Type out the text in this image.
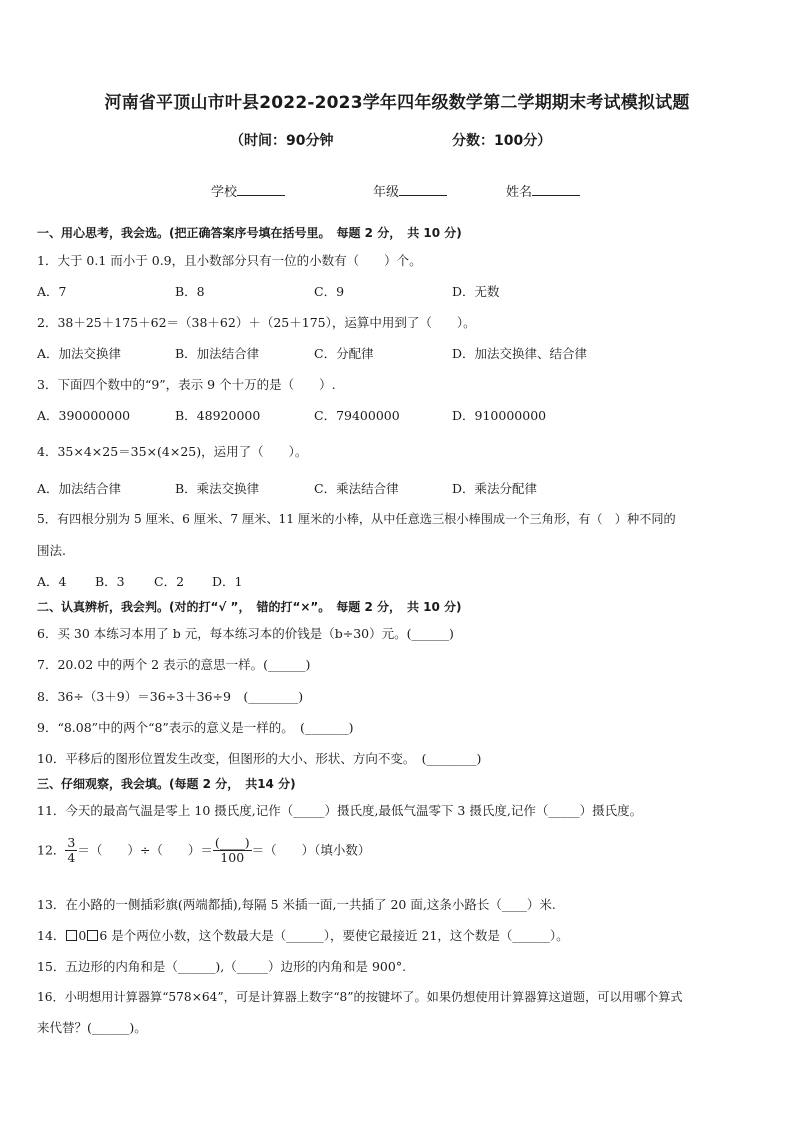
河南省平顶山市叶县2022-2023学年四年级数学第二学期期末考试模拟试题
（时间：90分钟	分数：100分）
学校	年级	姓名
一、用心思考，我会选。(把正确答案序号填在括号里。　每题 2 分，　共 10 分)
1．大于 0.1 而小于 0.9，且小数部分只有一位的小数有（　　）个。
A．7	B．8	C．9	D．无数
2．38＋25＋175＋62＝（38＋62）＋（25＋175），运算中用到了（　　）。
A．加法交换律	B．加法结合律	C．分配律	D．加法交换律、结合律
3．下面四个数中的“9”，表示 9 个十万的是（　　）.
A．390000000	B．48920000	C．79400000	D．910000000
4．35×4×25＝35×(4×25)，运用了（　　）。
A．加法结合律	B．乘法交换律	C．乘法结合律	D．乘法分配律
5．有四根分别为 5 厘米、6 厘米、7 厘米、11 厘米的小棒，从中任意选三根小棒围成一个三角形，有（　）种不同的
围法.
A．4 B．3 C．2 D．1
二、认真辨析，我会判。(对的打“√ ”，　错的打“×”。　每题 2 分，　共 10 分)
6．买 30 本练习本用了 b 元，每本练习本的价钱是（b÷30）元。(______)
7．20.02 中的两个 2 表示的意思一样。(______)
8．36÷（3＋9）＝36÷3＋36÷9　(________)
9．“8.08”中的两个“8”表示的意义是一样的。　(_______)
10．平移后的图形位置发生改变，但图形的大小、形状、方向不变。　(________)
三、仔细观察，我会填。(每题 2 分，　共14 分)
11．今天的最高气温是零上 10 摄氏度,记作（_____）摄氏度,最低气温零下 3 摄氏度,记作（_____）摄氏度。
12． $\frac{3}{4}$ ＝（　　）÷（　　）＝ $\frac{(\_\_\_\_)}{100}$ ＝（　　）（填小数）
13．在小路的一侧插彩旗(两端都插),每隔 5 米插一面,一共插了 20 面,这条小路长（____）米.
14． 0 6 是个两位小数，这个数最大是（______），要使它最接近 21，这个数是（______）。
15．五边形的内角和是（______),（_____）边形的内角和是 900°.
16．小明想用计算器算“578×64”，可是计算器上数字“8”的按键坏了。如果仍想使用计算器算这道题，可以用哪个算式
来代替？(______)。
